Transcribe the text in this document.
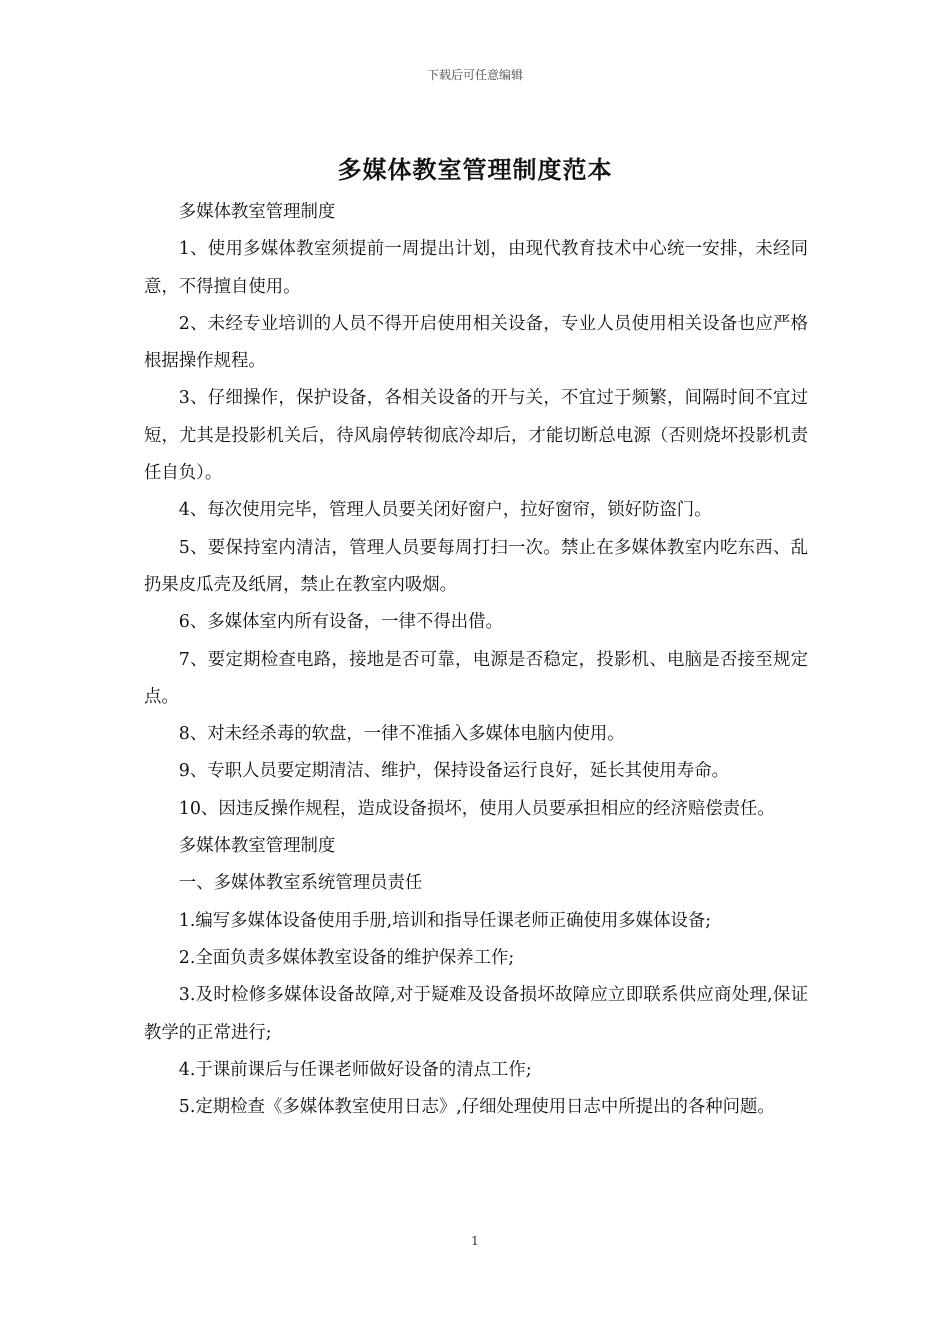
下载后可任意编辑
多媒体教室管理制度范本

多媒体教室管理制度

1、使用多媒体教室须提前一周提出计划，由现代教育技术中心统一安排，未经同意，不得擅自使用。

2、未经专业培训的人员不得开启使用相关设备，专业人员使用相关设备也应严格根据操作规程。

3、仔细操作，保护设备，各相关设备的开与关，不宜过于频繁，间隔时间不宜过短，尤其是投影机关后，待风扇停转彻底冷却后，才能切断总电源（否则烧坏投影机责任自负）。

4、每次使用完毕，管理人员要关闭好窗户，拉好窗帘，锁好防盗门。

5、要保持室内清洁，管理人员要每周打扫一次。禁止在多媒体教室内吃东西、乱扔果皮瓜壳及纸屑，禁止在教室内吸烟。

6、多媒体室内所有设备，一律不得出借。

7、要定期检查电路，接地是否可靠，电源是否稳定，投影机、电脑是否接至规定点。

8、对未经杀毒的软盘，一律不准插入多媒体电脑内使用。

9、专职人员要定期清洁、维护，保持设备运行良好，延长其使用寿命。

10、因违反操作规程，造成设备损坏，使用人员要承担相应的经济赔偿责任。

多媒体教室管理制度

一、多媒体教室系统管理员责任

1.编写多媒体设备使用手册,培训和指导任课老师正确使用多媒体设备;

2.全面负责多媒体教室设备的维护保养工作;

3.及时检修多媒体设备故障,对于疑难及设备损坏故障应立即联系供应商处理,保证教学的正常进行;

4.于课前课后与任课老师做好设备的清点工作;

5.定期检查《多媒体教室使用日志》,仔细处理使用日志中所提出的各种问题。

1
